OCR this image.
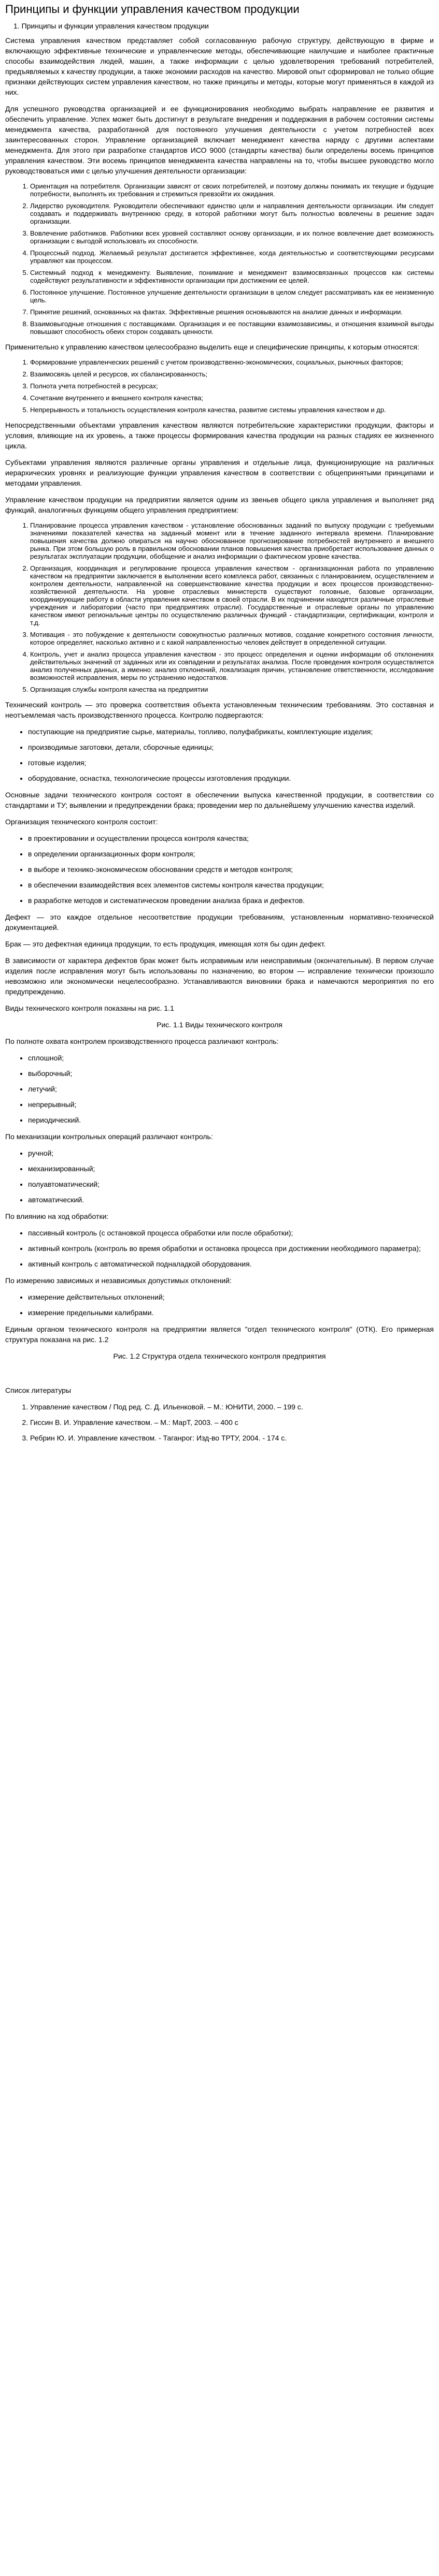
Принципы и функции управления качеством продукции
1. Принципы и функции управления качеством продукции

Система управления качеством представляет собой согласованную рабочую структуру, действующую в фирме и включающую эффективные технические и управленческие методы, обеспечивающие наилучшие и наиболее практичные способы взаимодействия людей, машин, а также информации с целью удовлетворения требований потребителей, предъявляемых к качеству продукции, а также экономии расходов на качество. Мировой опыт сформировал не только общие признаки действующих систем управления качеством, но также принципы и методы, которые могут применяться в каждой из них.

Для успешного руководства организацией и ее функционирования необходимо выбрать направление ее развития и обеспечить управление. Успех может быть достигнут в результате внедрения и поддержания в рабочем состоянии системы менеджмента качества, разработанной для постоянного улучшения деятельности с учетом потребностей всех заинтересованных сторон. Управление организацией включает менеджмент качества наряду с другими аспектами менеджмента. Для этого при разработке стандартов ИСО 9000 (стандарты качества) были определены восемь принципов управления качеством. Эти восемь принципов менеджмента качества направлены на то, чтобы высшее руководство могло руководствоваться ими с целью улучшения деятельности организации:

1. Ориентация на потребителя. Организации зависят от своих потребителей, и поэтому должны понимать их текущие и будущие потребности, выполнять их требования и стремиться превзойти их ожидания.
2. Лидерство руководителя. Руководители обеспечивают единство цели и направления деятельности организации. Им следует создавать и поддерживать внутреннюю среду, в которой работники могут быть полностью вовлечены в решение задач организации.
3. Вовлечение работников. Работники всех уровней составляют основу организации, и их полное вовлечение дает возможность организации с выгодой использовать их способности.
4. Процессный подход. Желаемый результат достигается эффективнее, когда деятельностью и соответствующими ресурсами управляют как процессом.
5. Системный подход к менеджменту. Выявление, понимание и менеджмент взаимосвязанных процессов как системы содействуют результативности и эффективности организации при достижении ее целей.
6. Постоянное улучшение. Постоянное улучшение деятельности организации в целом следует рассматривать как ее неизменную цель.
7. Принятие решений, основанных на фактах. Эффективные решения основываются на анализе данных и информации.
8. Взаимовыгодные отношения с поставщиками. Организация и ее поставщики взаимозависимы, и отношения взаимной выгоды повышают способность обеих сторон создавать ценности.

Применительно к управлению качеством целесообразно выделить еще и специфические принципы, к которым относятся:

1. Формирование управленческих решений с учетом производственно-экономических, социальных, рыночных факторов;
2. Взаимосвязь целей и ресурсов, их сбалансированность;
3. Полнота учета потребностей в ресурсах;
4. Сочетание внутреннего и внешнего контроля качества;
5. Непрерывность и тотальность осуществления контроля качества, развитие системы управления качеством и др.

Непосредственными объектами управления качеством являются потребительские характеристики продукции, факторы и условия, влияющие на их уровень, а также процессы формирования качества продукции на разных стадиях ее жизненного цикла.

Субъектами управления являются различные органы управления и отдельные лица, функционирующие на различных иерархических уровнях и реализующие функции управления качеством в соответствии с общепринятыми принципами и методами управления.

Управление качеством продукции на предприятии является одним из звеньев общего цикла управления и выполняет ряд функций, аналогичных функциям общего управления предприятием:

1. Планирование процесса управления качеством - установление обоснованных заданий по выпуску продукции с требуемыми значениями показателей качества на заданный момент или в течение заданного интервала времени. Планирование повышения качества должно опираться на научно обоснованное прогнозирование потребностей внутреннего и внешнего рынка. При этом большую роль в правильном обосновании планов повышения качества приобретает использование данных о результатах эксплуатации продукции, обобщение и анализ информации о фактическом уровне качества.
2. Организация, координация и регулирование процесса управления качеством - организационная работа по управлению качеством на предприятии заключается в выполнении всего комплекса работ, связанных с планированием, осуществлением и контролем деятельности, направленной на совершенствование качества продукции и всех процессов производственно-хозяйственной деятельности. На уровне отраслевых министерств существуют головные, базовые организации, координирующие работу в области управления качеством в своей отрасли. В их подчинении находятся различные отраслевые учреждения и лаборатории (часто при предприятиях отрасли). Государственные и отраслевые органы по управлению качеством имеют региональные центры по осуществлению различных функций - стандартизации, сертификации, контроля и т.д.
3. Мотивация - это побуждение к деятельности совокупностью различных мотивов, создание конкретного состояния личности, которое определяет, насколько активно и с какой направленностью человек действует в определенной ситуации.
4. Контроль, учет и анализ процесса управления качеством - это процесс определения и оценки информации об отклонениях действительных значений от заданных или их совпадении и результатах анализа. После проведения контроля осуществляется анализ полученных данных, а именно: анализ отклонений, локализация причин, установление ответственности, исследование возможностей исправления, меры по устранению недостатков.
5. Организация службы контроля качества на предприятии

Технический контроль — это проверка соответствия объекта установленным техническим требованиям. Это составная и неотъемлемая часть производственного процесса. Контролю подвергаются:

• поступающие на предприятие сырье, материалы, топливо, полуфабрикаты, комплектующие изделия;
• производимые заготовки, детали, сборочные единицы;
• готовые изделия;
• оборудование, оснастка, технологические процессы изготовления продукции.

Основные задачи технического контроля состоят в обеспечении выпуска качественной продукции, в соответствии со стандартами и ТУ; выявлении и предупреждении брака; проведении мер по дальнейшему улучшению качества изделий.

Организация технического контроля состоит:

• в проектировании и осуществлении процесса контроля качества;
• в определении организационных форм контроля;
• в выборе и технико-экономическом обосновании средств и методов контроля;
• в обеспечении взаимодействия всех элементов системы контроля качества продукции;
• в разработке методов и систематическом проведении анализа брака и дефектов.

Дефект — это каждое отдельное несоответствие продукции требованиям, установленным нормативно-технической документацией.

Брак — это дефектная единица продукции, то есть продукция, имеющая хотя бы один дефект.

В зависимости от характера дефектов брак может быть исправимым или неисправимым (окончательным). В первом случае изделия после исправления могут быть использованы по назначению, во втором — исправление технически произошло невозможно или экономически нецелесообразно. Устанавливаются виновники брака и намечаются мероприятия по его предупреждению.

Виды технического контроля показаны на рис. 1.1

Рис. 1.1 Виды технического контроля

По полноте охвата контролем производственного процесса различают контроль:

• сплошной;
• выборочный;
• летучий;
• непрерывный;
• периодический.

По механизации контрольных операций различают контроль:

• ручной;
• механизированный;
• полуавтоматический;
• автоматический.

По влиянию на ход обработки:

• пассивный контроль (с остановкой процесса обработки или после обработки);
• активный контроль (контроль во время обработки и остановка процесса при достижении необходимого параметра);
• активный контроль с автоматической подналадкой оборудования.

По измерению зависимых и независимых допустимых отклонений:

• измерение действительных отклонений;
• измерение предельными калибрами.

Единым органом технического контроля на предприятии является "отдел технического контроля" (ОТК). Его примерная структура показана на рис. 1.2

Рис. 1.2 Структура отдела технического контроля предприятия

Список литературы

1. Управление качеством / Под ред. С. Д. Ильенковой. – М.: ЮНИТИ, 2000. – 199 с.
2. Гиссин В. И. Управление качеством. – М.: МарТ, 2003. – 400 с
3. Ребрин Ю. И. Управление качеством. - Таганрог: Изд-во ТРТУ, 2004. - 174 с.
